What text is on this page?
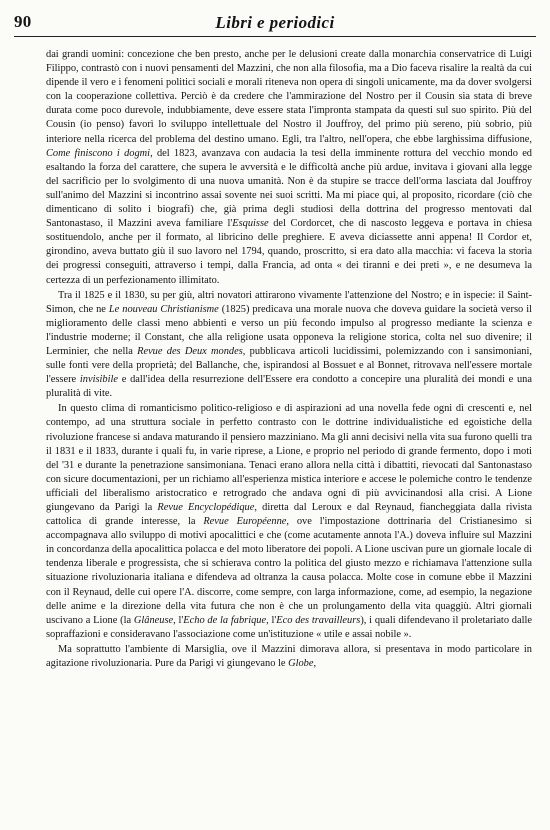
90	Libri e periodici

dai grandi uomini: concezione che ben presto, anche per le delusioni create dalla monarchia conservatrice di Luigi Filippo, contrastò con i nuovi pensamenti del Mazzini, che non alla filosofia, ma a Dio faceva risalire la realtà da cui dipende il vero e i fenomeni politici sociali e morali riteneva non opera di singoli unicamente, ma da dover svolgersi con la cooperazione collettiva. Perciò è da credere che l'ammirazione del Nostro per il Cousin sia stata di breve durata come poco durevole, indubbiamente, deve essere stata l'impronta stampata da questi sul suo spirito. Più del Cousin (io penso) favorì lo sviluppo intellettuale del Nostro il Jouffroy, del primo più sereno, più sobrio, più interiore nella ricerca del problema del destino umano. Egli, tra l'altro, nell'opera, che ebbe larghissima diffusione, Come finiscono i dogmi, del 1823, avanzava con audacia la tesi della imminente rottura del vecchio mondo ed esaltando la forza del carattere, che supera le avversità e le difficoltà anche più ardue, invitava i giovani alla legge del sacrificio per lo svolgimento di una nuova umanità. Non è da stupire se tracce dell'orma lasciata dal Jouffroy sull'animo del Mazzini si incontrino assai sovente nei suoi scritti. Ma mi piace qui, al proposito, ricordare (ciò che dimenticano di solito i biografi) che, già prima degli studiosi della dottrina del progresso mentovati dal Santonastaso, il Mazzini aveva familiare l'Esquisse del Cordorcet, che di nascosto leggeva e portava in chiesa sostituendolo, anche per il formato, al libricino delle preghiere. E aveva diciassette anni appena! Il Cordor et, girondino, aveva buttato giù il suo lavoro nel 1794, quando, proscritto, si era dato alla macchia: vi faceva la storia dei progressi conseguiti, attraverso i tempi, dalla Francia, ad onta « dei tiranni e dei preti », e ne desumeva la certezza di un perfezionamento illimitato.

Tra il 1825 e il 1830, su per giù, altri novatori attirarono vivamente l'attenzione del Nostro; e in ispecie: il Saint-Simon, che ne Le nouveau Christianisme (1825) predicava una morale nuova che doveva guidare la società verso il miglioramento delle classi meno abbienti e verso un più fecondo impulso al progresso mediante la scienza e l'industrie moderne; il Constant, che alla religione usata opponeva la religione storica, colta nel suo divenire; il Lerminier, che nella Revue des Deux mondes, pubblicava articoli lucidissimi, polemizzando con i sansimoniani, sulle fonti vere della proprietà; del Ballanche, che, ispirandosi al Bossuet e al Bonnet, ritrovava nell'essere mortale l'essere invisibile e dall'idea della resurrezione dell'Essere era condotto a concepire una pluralità dei mondi e una pluralità di vite.

In questo clima di romanticismo politico-religioso e di aspirazioni ad una novella fede ogni dì crescenti e, nel contempo, ad una struttura sociale in perfetto contrasto con le dottrine individualistiche ed egoistiche della rivoluzione francese si andava maturando il pensiero mazziniano. Ma gli anni decisivi nella vita sua furono quelli tra il 1831 e il 1833, durante i quali fu, in varie riprese, a Lione, e proprio nel periodo di grande fermento, dopo i moti del '31 e durante la penetrazione sansimoniana. Tenaci erano allora nella città i dibattiti, rievocati dal Santonastaso con sicure documentazioni, per un richiamo all'esperienza mistica interiore e accese le polemiche contro le tendenze ufficiali del liberalismo aristocratico e retrogrado che andava ogni dì più avvicinandosi alla crisi. A Lione giungevano da Parigi la Revue Encyclopédique, diretta dal Leroux e dal Reynaud, fiancheggiata dalla rivista cattolica di grande interesse, la Revue Européenne, ove l'impostazione dottrinaria del Cristianesimo si accompagnava allo sviluppo di motivi apocalittici e che (come acutamente annota l'A.) doveva influire sul Mazzini in concordanza della apocalittica polacca e del moto liberatore dei popoli. A Lione uscivan pure un giornale locale di tendenza liberale e progressista, che si schierava contro la politica del giusto mezzo e richiamava l'attenzione sulla situazione rivoluzionaria italiana e difendeva ad oltranza la causa polacca. Molte cose in comune ebbe il Mazzini con il Reynaud, delle cui opere l'A. discorre, come sempre, con larga informazione, come, ad esempio, la negazione delle anime e la direzione della vita futura che non è che un prolungamento della vita quaggiù. Altri giornali uscivano a Lione (la Glâneuse, l'Echo de la fabrique, l'Eco des travailleurs), i quali difendevano il proletariato dalle sopraffazioni e consideravano l'associazione come un'istituzione « utile e assai nobile ».

Ma soprattutto l'ambiente di Marsiglia, ove il Mazzini dimorava allora, si presentava in modo particolare in agitazione rivoluzionaria. Pure da Parigi vi giungevano le Globe,
